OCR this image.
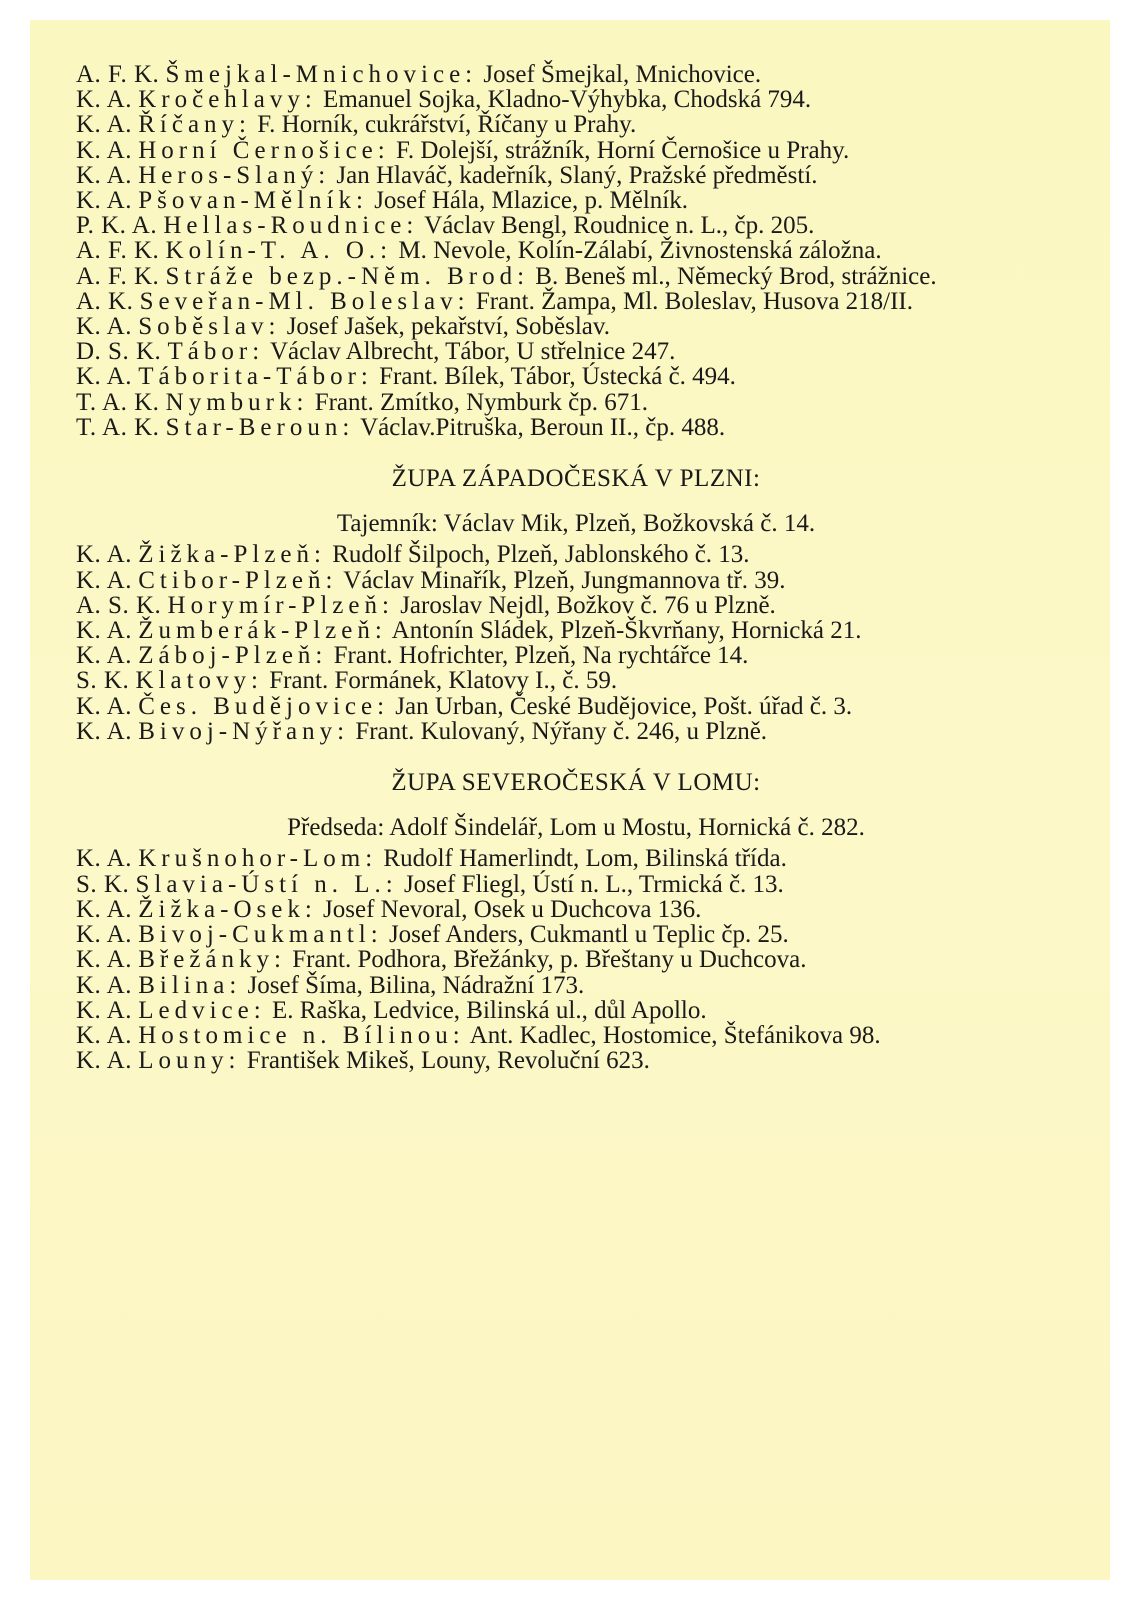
A. F. K. Šmejkal-Mnichovice: Josef Šmejkal, Mnichovice.

K. A. Kročehlavy: Emanuel Sojka, Kladno-Výhybka, Chodská 794.

K. A. Říčany: F. Horník, cukrářství, Říčany u Prahy.

K. A. Horní Černošice: F. Dolejší, strážník, Horní Černošice u Prahy.

K. A. Heros-Slaný: Jan Hlaváč, kadeřník, Slaný, Pražské předměstí.

K. A. Pšovan-Mělník: Josef Hála, Mlazice, p. Mělník.

P. K. A. Hellas-Roudnice: Václav Bengl, Roudnice n. L., čp. 205.

A. F. K. Kolín-T. A. O.: M. Nevole, Kolín-Zálabí, Živnostenská záložna.

A. F. K. Stráže bezp.-Něm. Brod: B. Beneš ml., Německý Brod, strážnice.

A. K. Seveřan-Ml. Boleslav: Frant. Žampa, Ml. Boleslav, Husova 218/II.

K. A. Soběslav: Josef Jašek, pekařství, Soběslav.

D. S. K. Tábor: Václav Albrecht, Tábor, U střelnice 247.

K. A. Táborita-Tábor: Frant. Bílek, Tábor, Ústecká č. 494.

T. A. K. Nymburk: Frant. Zmítko, Nymburk čp. 671.

T. A. K. Star-Beroun: Václav.Pitruška, Beroun II., čp. 488.

ŽUPA ZÁPADOČESKÁ V PLZNI:
Tajemník: Václav Mik, Plzeň, Božkovská č. 14.

K. A. Žižka-Plzeň: Rudolf Šilpoch, Plzeň, Jablonského č. 13.

K. A. Ctibor-Plzeň: Václav Minařík, Plzeň, Jungmannova tř. 39.

A. S. K. Horymír-Plzeň: Jaroslav Nejdl, Božkov č. 76 u Plzně.

K. A. Žumberák-Plzeň: Antonín Sládek, Plzeň-Škvrňany, Hornická 21.

K. A. Záboj-Plzeň: Frant. Hofrichter, Plzeň, Na rychtářce 14.

S. K. Klatovy: Frant. Formánek, Klatovy I., č. 59.

K. A. Čes. Budějovice: Jan Urban, České Budějovice, Pošt. úřad č. 3.

K. A. Bivoj-Nýřany: Frant. Kulovaný, Nýřany č. 246, u Plzně.

ŽUPA SEVEROČESKÁ V LOMU:
Předseda: Adolf Šindelář, Lom u Mostu, Hornická č. 282.

K. A. Krušnohor-Lom: Rudolf Hamerlindt, Lom, Bilinská třída.

S. K. Slavia-Ústí n. L.: Josef Fliegl, Ústí n. L., Trmická č. 13.

K. A. Žižka-Osek: Josef Nevoral, Osek u Duchcova 136.

K. A. Bivoj-Cukmantl: Josef Anders, Cukmantl u Teplic čp. 25.

K. A. Břežánky: Frant. Podhora, Břežánky, p. Břeštany u Duchcova.

K. A. Bilina: Josef Šíma, Bilina, Nádražní 173.

K. A. Ledvice: E. Raška, Ledvice, Bilinská ul., důl Apollo.

K. A. Hostomice n. Bílinou: Ant. Kadlec, Hostomice, Štefánikova 98.

K. A. Louny: František Mikeš, Louny, Revoluční 623.
